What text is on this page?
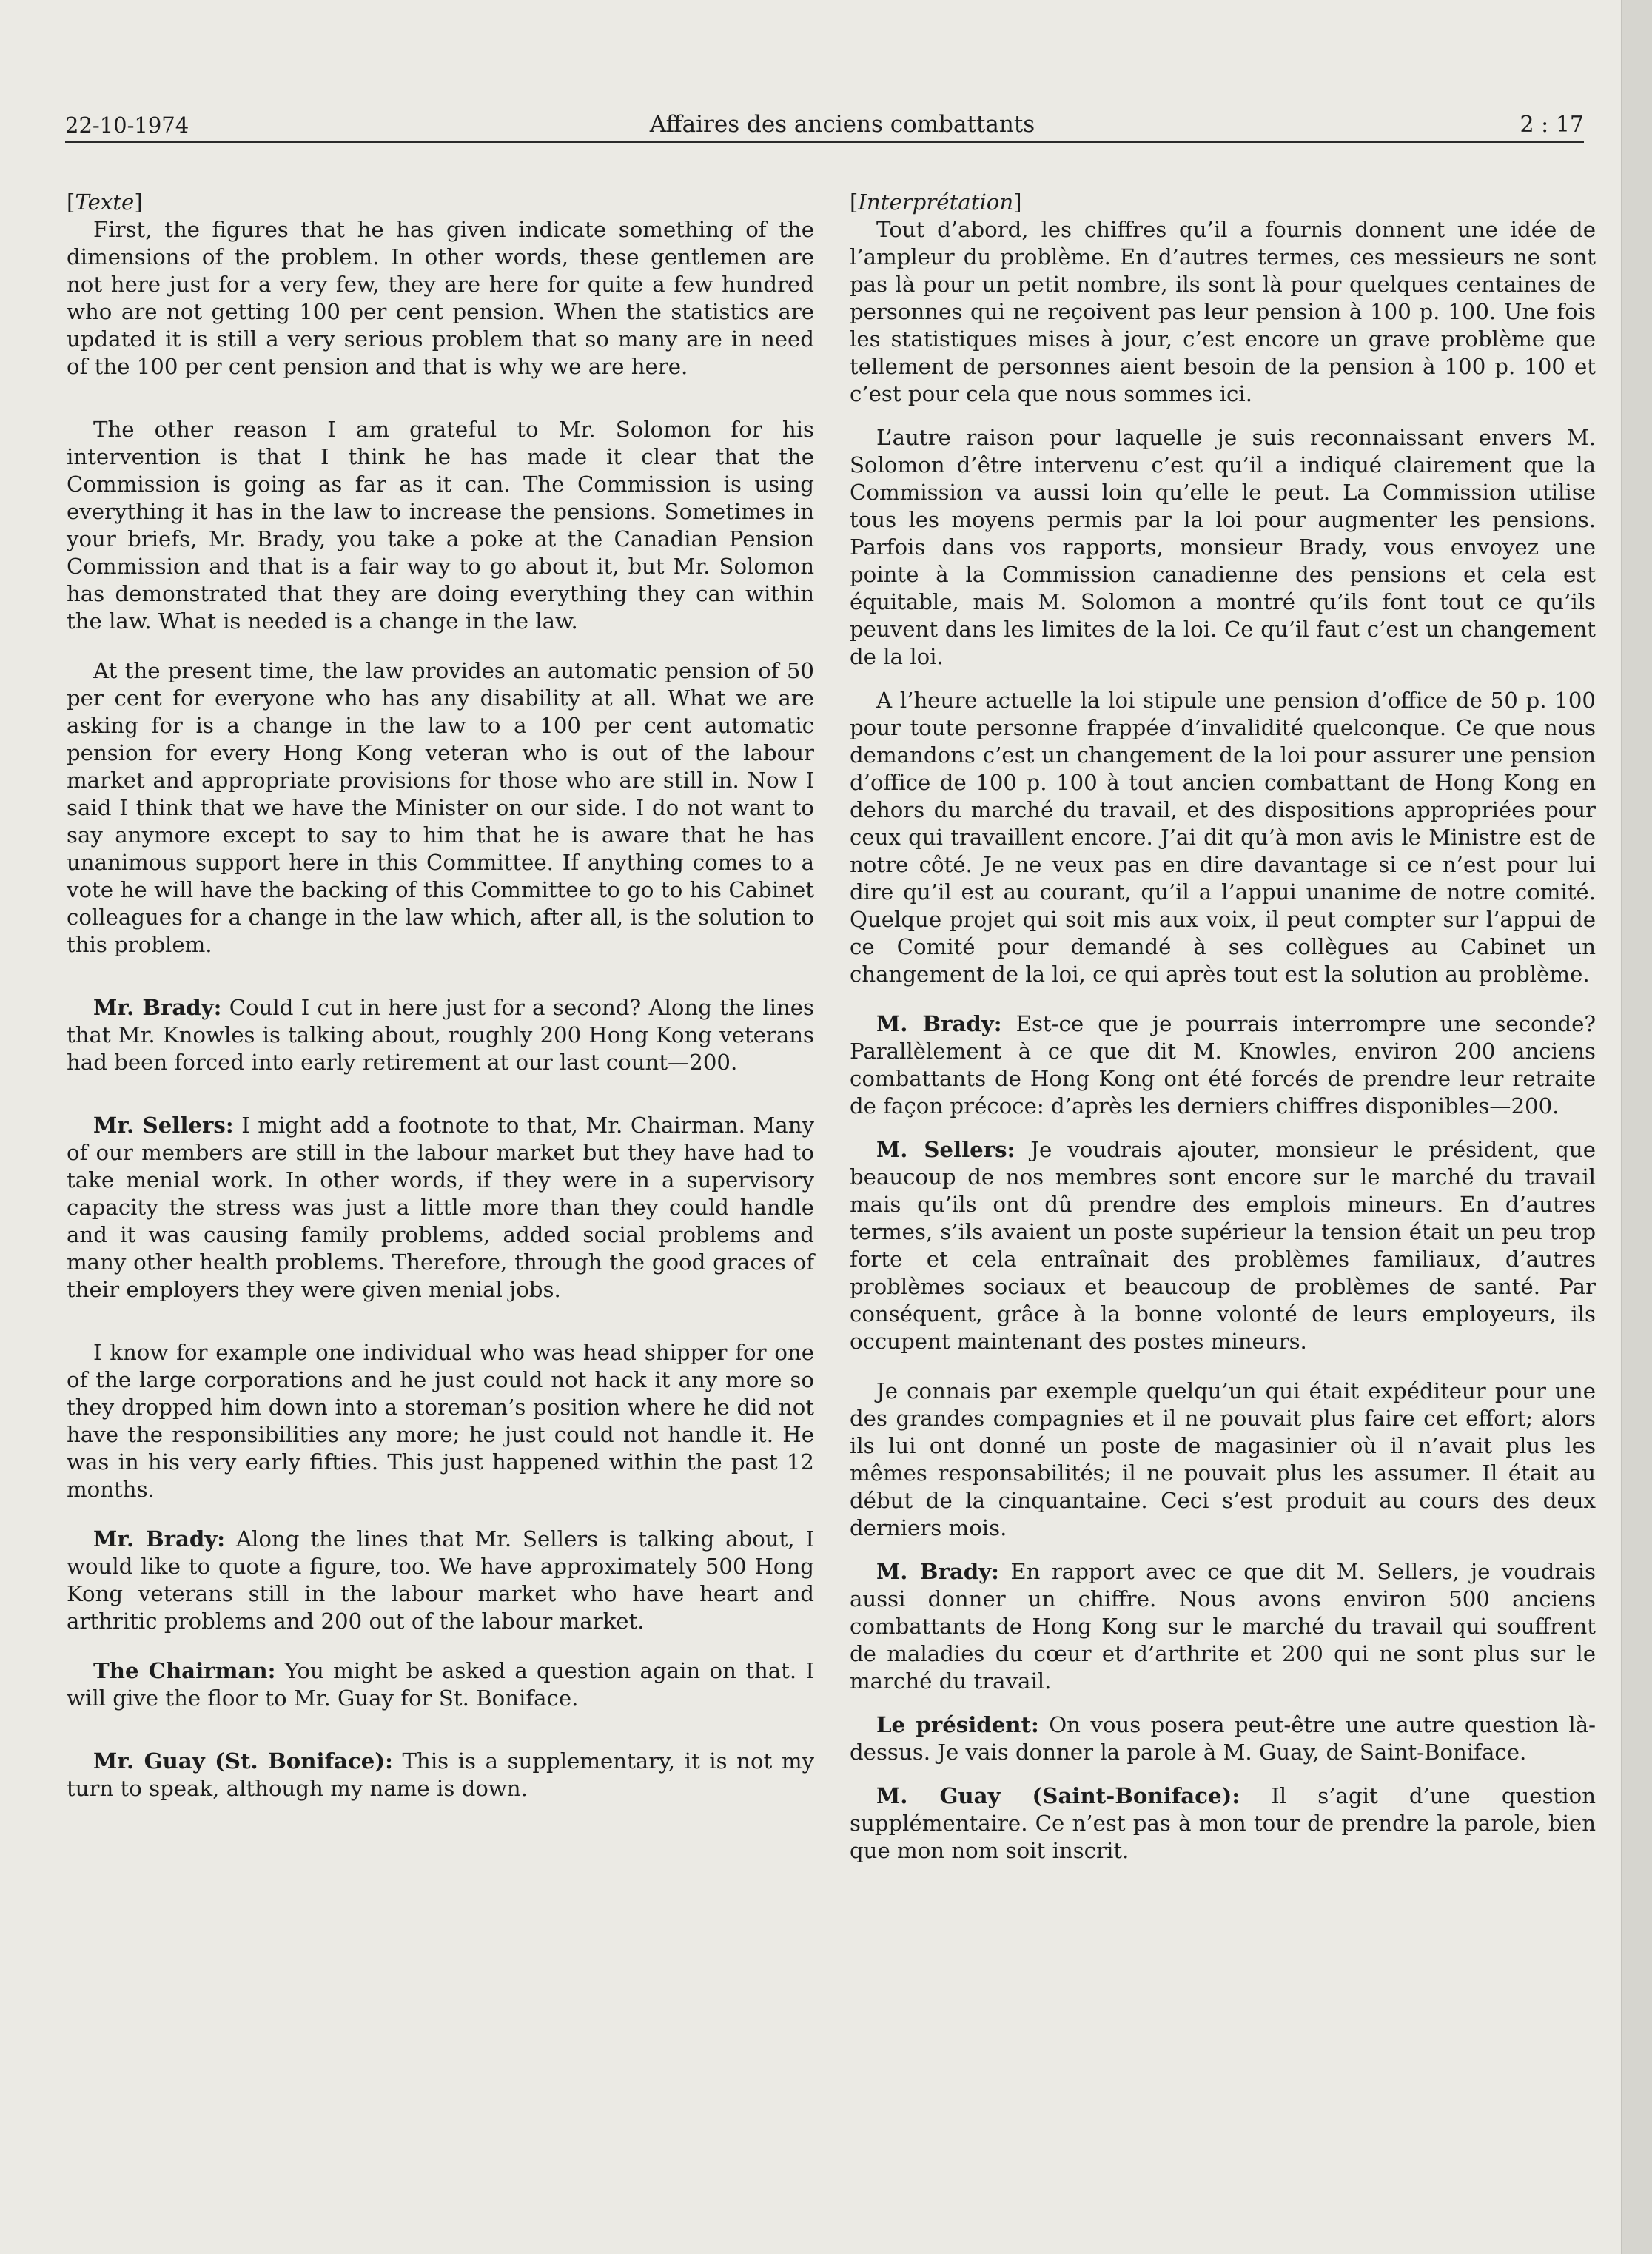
22-10-1974	Affaires des anciens combattants	2 : 17
[Texte]

First, the figures that he has given indicate something of the dimensions of the problem. In other words, these gentlemen are not here just for a very few, they are here for quite a few hundred who are not getting 100 per cent pension. When the statistics are updated it is still a very serious problem that so many are in need of the 100 per cent pension and that is why we are here.

The other reason I am grateful to Mr. Solomon for his intervention is that I think he has made it clear that the Commission is going as far as it can. The Commission is using everything it has in the law to increase the pensions. Sometimes in your briefs, Mr. Brady, you take a poke at the Canadian Pension Commission and that is a fair way to go about it, but Mr. Solomon has demonstrated that they are doing everything they can within the law. What is needed is a change in the law.

At the present time, the law provides an automatic pension of 50 per cent for everyone who has any disability at all. What we are asking for is a change in the law to a 100 per cent automatic pension for every Hong Kong veteran who is out of the labour market and appropriate provisions for those who are still in. Now I said I think that we have the Minister on our side. I do not want to say anymore except to say to him that he is aware that he has unanimous support here in this Committee. If anything comes to a vote he will have the backing of this Committee to go to his Cabinet colleagues for a change in the law which, after all, is the solution to this problem.

Mr. Brady: Could I cut in here just for a second? Along the lines that Mr. Knowles is talking about, roughly 200 Hong Kong veterans had been forced into early retirement at our last count—200.

Mr. Sellers: I might add a footnote to that, Mr. Chairman. Many of our members are still in the labour market but they have had to take menial work. In other words, if they were in a supervisory capacity the stress was just a little more than they could handle and it was causing family problems, added social problems and many other health problems. Therefore, through the good graces of their employers they were given menial jobs.

I know for example one individual who was head shipper for one of the large corporations and he just could not hack it any more so they dropped him down into a storeman’s position where he did not have the responsibilities any more; he just could not handle it. He was in his very early fifties. This just happened within the past 12 months.

Mr. Brady: Along the lines that Mr. Sellers is talking about, I would like to quote a figure, too. We have approximately 500 Hong Kong veterans still in the labour market who have heart and arthritic problems and 200 out of the labour market.

The Chairman: You might be asked a question again on that. I will give the floor to Mr. Guay for St. Boniface.

Mr. Guay (St. Boniface): This is a supplementary, it is not my turn to speak, although my name is down.

[Interprétation]

Tout d’abord, les chiffres qu’il a fournis donnent une idée de l’ampleur du problème. En d’autres termes, ces messieurs ne sont pas là pour un petit nombre, ils sont là pour quelques centaines de personnes qui ne reçoivent pas leur pension à 100 p. 100. Une fois les statistiques mises à jour, c’est encore un grave problème que tellement de personnes aient besoin de la pension à 100 p. 100 et c’est pour cela que nous sommes ici.

L’autre raison pour laquelle je suis reconnaissant envers M. Solomon d’être intervenu c’est qu’il a indiqué clairement que la Commission va aussi loin qu’elle le peut. La Commission utilise tous les moyens permis par la loi pour augmenter les pensions. Parfois dans vos rapports, monsieur Brady, vous envoyez une pointe à la Commission canadienne des pensions et cela est équitable, mais M. Solomon a montré qu’ils font tout ce qu’ils peuvent dans les limites de la loi. Ce qu’il faut c’est un changement de la loi.

A l’heure actuelle la loi stipule une pension d’office de 50 p. 100 pour toute personne frappée d’invalidité quelconque. Ce que nous demandons c’est un changement de la loi pour assurer une pension d’office de 100 p. 100 à tout ancien combattant de Hong Kong en dehors du marché du travail, et des dispositions appropriées pour ceux qui travaillent encore. J’ai dit qu’à mon avis le Ministre est de notre côté. Je ne veux pas en dire davantage si ce n’est pour lui dire qu’il est au courant, qu’il a l’appui unanime de notre comité. Quelque projet qui soit mis aux voix, il peut compter sur l’appui de ce Comité pour demandé à ses collègues au Cabinet un changement de la loi, ce qui après tout est la solution au problème.

M. Brady: Est-ce que je pourrais interrompre une seconde? Parallèlement à ce que dit M. Knowles, environ 200 anciens combattants de Hong Kong ont été forcés de prendre leur retraite de façon précoce: d’après les derniers chiffres disponibles—200.

M. Sellers: Je voudrais ajouter, monsieur le président, que beaucoup de nos membres sont encore sur le marché du travail mais qu’ils ont dû prendre des emplois mineurs. En d’autres termes, s’ils avaient un poste supérieur la tension était un peu trop forte et cela entraînait des problèmes familiaux, d’autres problèmes sociaux et beaucoup de problèmes de santé. Par conséquent, grâce à la bonne volonté de leurs employeurs, ils occupent maintenant des postes mineurs.

Je connais par exemple quelqu’un qui était expéditeur pour une des grandes compagnies et il ne pouvait plus faire cet effort; alors ils lui ont donné un poste de magasinier où il n’avait plus les mêmes responsabilités; il ne pouvait plus les assumer. Il était au début de la cinquantaine. Ceci s’est produit au cours des deux derniers mois.

M. Brady: En rapport avec ce que dit M. Sellers, je voudrais aussi donner un chiffre. Nous avons environ 500 anciens combattants de Hong Kong sur le marché du travail qui souffrent de maladies du cœur et d’arthrite et 200 qui ne sont plus sur le marché du travail.

Le président: On vous posera peut-être une autre question là-dessus. Je vais donner la parole à M. Guay, de Saint-Boniface.

M. Guay (Saint-Boniface): Il s’agit d’une question supplémentaire. Ce n’est pas à mon tour de prendre la parole, bien que mon nom soit inscrit.
